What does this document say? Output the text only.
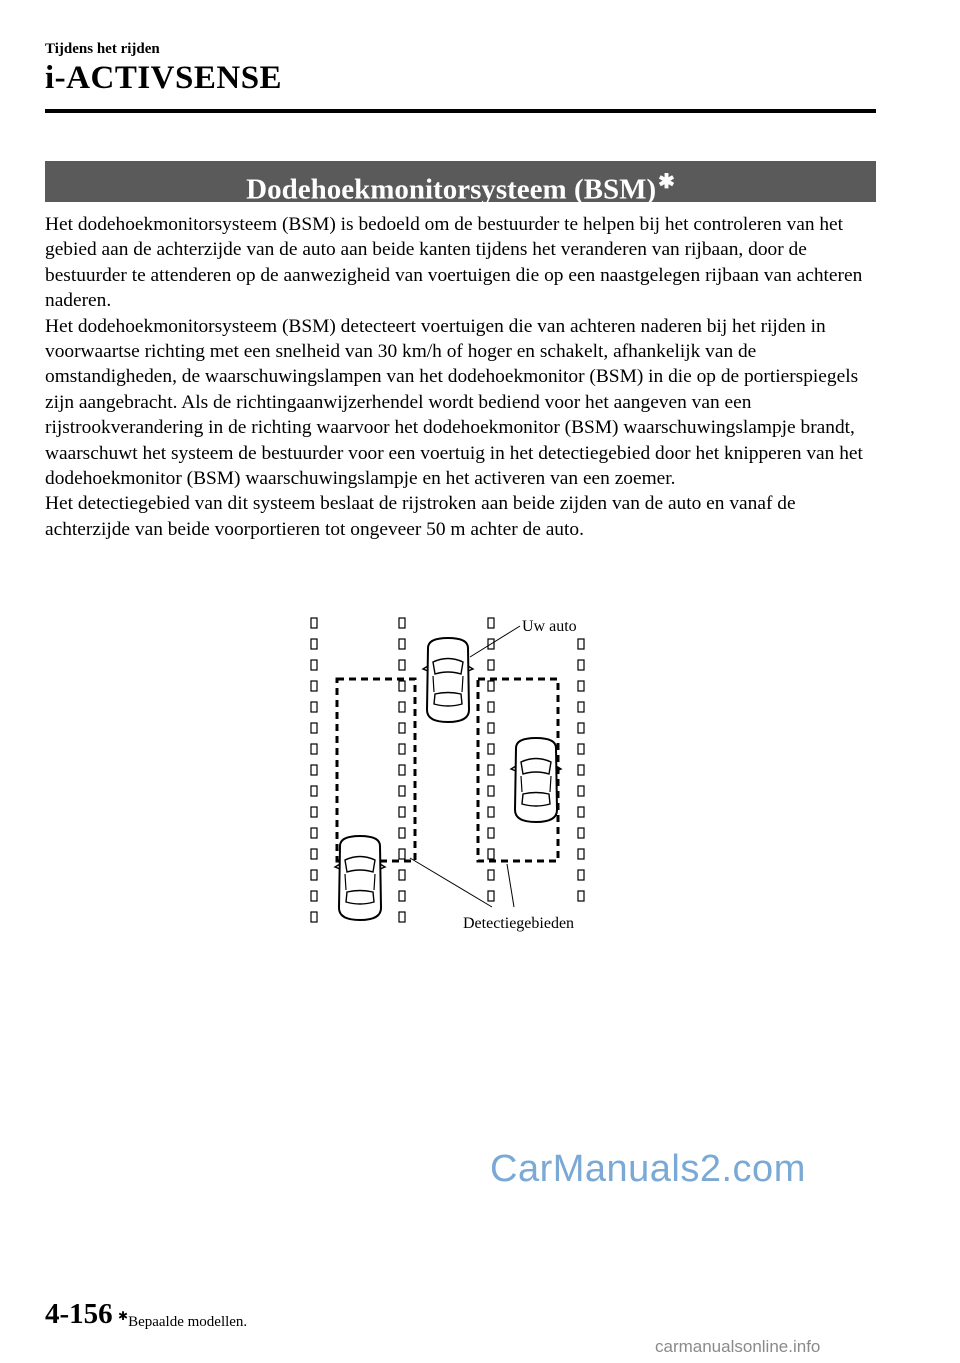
Tijdens het rijden
i-ACTIVSENSE
Dodehoekmonitorsysteem (BSM) ✱

Het dodehoekmonitorsysteem (BSM) is bedoeld om de bestuurder te helpen bij het controleren van het gebied aan de achterzijde van de auto aan beide kanten tijdens het veranderen van rijbaan, door de bestuurder te attenderen op de aanwezigheid van voertuigen die op een naastgelegen rijbaan van achteren naderen.

Het dodehoekmonitorsysteem (BSM) detecteert voertuigen die van achteren naderen bij het rijden in voorwaartse richting met een snelheid van 30 km/h of hoger en schakelt, afhankelijk van de omstandigheden, de waarschuwingslampen van het dodehoekmonitor (BSM) in die op de portierspiegels zijn aangebracht. Als de richtingaanwijzerhendel wordt bediend voor het aangeven van een rijstrookverandering in de richting waarvoor het dodehoekmonitor (BSM) waarschuwingslampje brandt, waarschuwt het systeem de bestuurder voor een voertuig in het detectiegebied door het knipperen van het dodehoekmonitor (BSM) waarschuwingslampje en het activeren van een zoemer.

Het detectiegebied van dit systeem beslaat de rijstroken aan beide zijden van de auto en vanaf de achterzijde van beide voorportieren tot ongeveer 50 m achter de auto.

Uw auto
Detectiegebieden
CarManuals2.com
4-156 ✱Bepaalde modellen.
carmanualsonline.info
